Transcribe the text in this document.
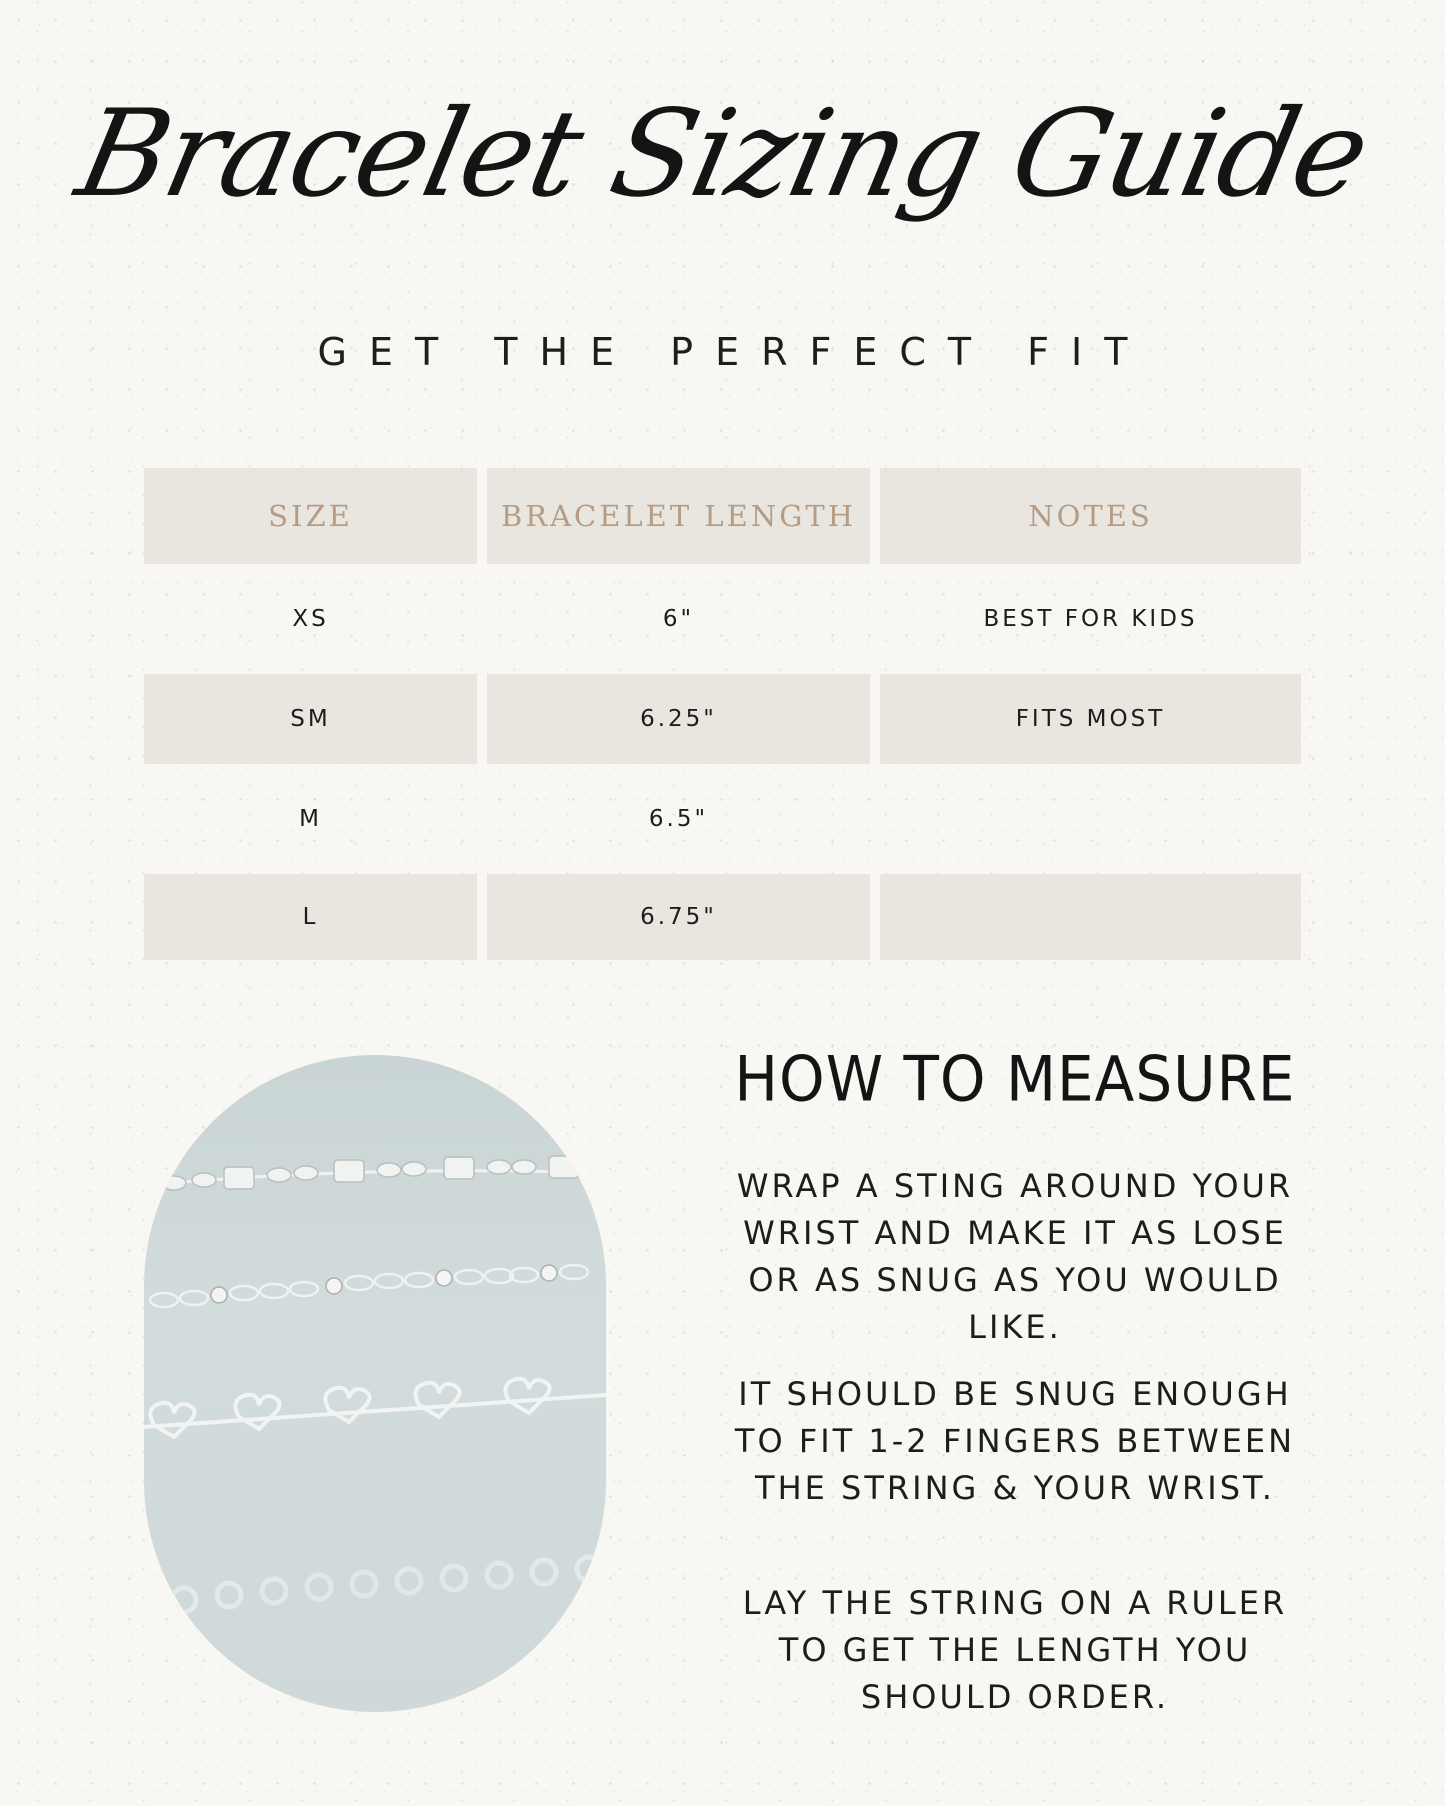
Bracelet Sizing Guide
GET THE PERFECT FIT
SIZE	BRACELET LENGTH	NOTES
XS	6"	BEST FOR KIDS
SM	6.25"	FITS MOST
M	6.5"
L	6.75"
HOW TO MEASURE

WRAP A STING AROUND YOUR WRIST AND MAKE IT AS LOSE OR AS SNUG AS YOU WOULD LIKE.

IT SHOULD BE SNUG ENOUGH TO FIT 1-2 FINGERS BETWEEN THE STRING & YOUR WRIST.

LAY THE STRING ON A RULER TO GET THE LENGTH YOU SHOULD ORDER.
